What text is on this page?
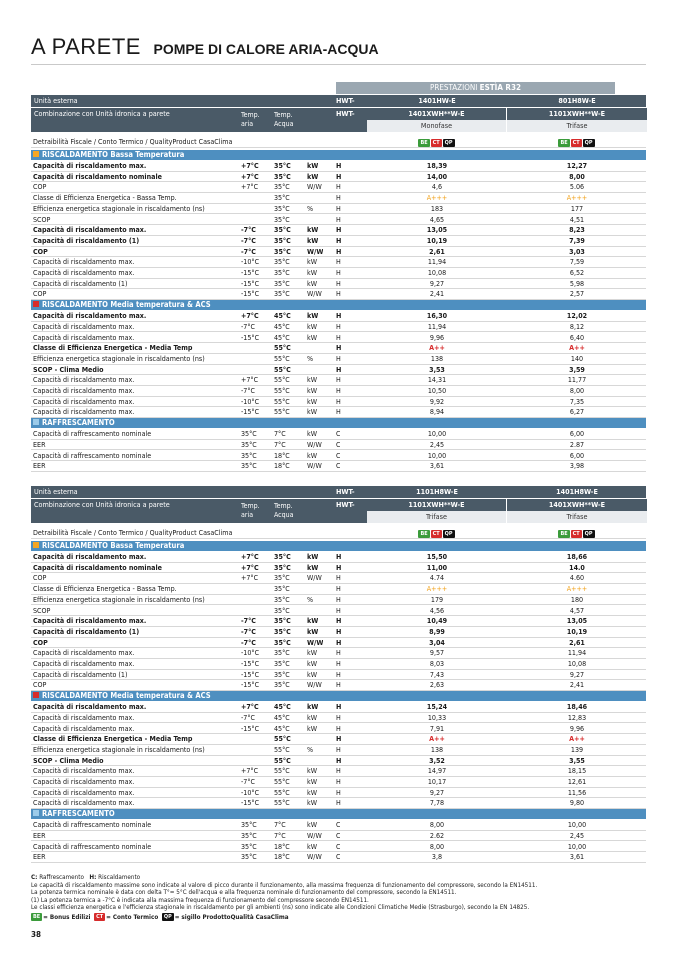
A PARETE POMPE DI CALORE ARIA-ACQUA
PRESTAZIONI ESTÌA R32
Unità esterna	HWT-	1401HW-E	801H8W-E
Combinazione con Unità idronica a parete	Temp. aria
Temp. Acqua
HWT-	1401XWH**W-E	1101XWH**W-E
Monofase	Trifase
Detraibilità Fiscale / Conto Termico / QualityProduct CasaClima	BE CT QP	BE CT QP
RISCALDAMENTO Bassa Temperatura
Capacità di riscaldamento max.	+7°C 35°C kW H	18,39	12,27
Capacità di riscaldamento nominale	+7°C 35°C kW H	14,00	8,00
COP	+7°C 35°C W/W H	4,6	5.06
Classe di Efficienza Energetica - Bassa Temp.	35°C	H	A+++	A+++
Efficienza energetica stagionale in riscaldamento (ns)	35°C %	H	183	177
SCOP	35°C	H	4,65	4,51
Capacità di riscaldamento max.	-7°C	35°C kW H	13,05	8,23
Capacità di riscaldamento (1)	-7°C	35°C kW H	10,19	7,39
COP	-7°C	35°C W/W H	2,61	3,03
Capacità di riscaldamento max.	-10°C 35°C kW	H	11,94	7,59
Capacità di riscaldamento max.	-15°C 35°C kW	H	10,08	6,52
Capacità di riscaldamento (1)	-15°C 35°C kW	H	9,27	5,98
COP	-15°C 35°C W/W H	2,41	2,57
RISCALDAMENTO Media temperatura & ACS
Capacità di riscaldamento max.	+7°C 45°C kW H	16,30	12,02
Capacità di riscaldamento max.	-7°C	45°C kW	H	11,94	8,12
Capacità di riscaldamento max.	-15°C 45°C kW	H	9,96	6,40
Classe di Efficienza Energetica - Media Temp	55°C	H	A++	A++
Efficienza energetica stagionale in riscaldamento (ns)	55°C %	H	138	140
SCOP - Clima Medio	55°C	H	3,53	3,59
Capacità di riscaldamento max.	+7°C 55°C kW	H	14,31	11,77
Capacità di riscaldamento max.	-7°C	55°C kW	H	10,50	8,00
Capacità di riscaldamento max.	-10°C 55°C kW	H	9,92	7,35
Capacità di riscaldamento max.	-15°C 55°C kW	H	8,94	6,27
RAFFRESCAMENTO
Capacità di raffrescamento nominale	35°C 7°C	kW	C	10,00	6,00
EER	35°C 7°C	W/W C	2,45	2.87
Capacità di raffrescamento nominale	35°C 18°C kW	C	10,00	6,00
EER	35°C 18°C W/W C	3,61	3,98
Unità esterna	HWT-	1101H8W-E	1401H8W-E
Combinazione con Unità idronica a parete	Temp. aria
Temp. Acqua
HWT-	1101XWH**W-E	1401XWH**W-E
Trifase	Trifase
Detraibilità Fiscale / Conto Termico / QualityProduct CasaClima	BE CT QP	BE CT QP
RISCALDAMENTO Bassa Temperatura
Capacità di riscaldamento max.	+7°C 35°C kW H	15,50	18,66
Capacità di riscaldamento nominale	+7°C 35°C kW H	11,00	14.0
COP	+7°C 35°C W/W H	4.74	4.60
Classe di Efficienza Energetica - Bassa Temp.	35°C	H	A+++	A+++
Efficienza energetica stagionale in riscaldamento (ns)	35°C %	H	179	180
SCOP	35°C	H	4,56	4,57
Capacità di riscaldamento max.	-7°C	35°C kW H	10,49	13,05
Capacità di riscaldamento (1)	-7°C	35°C kW H	8,99	10,19
COP	-7°C	35°C W/W H	3,04	2,61
Capacità di riscaldamento max.	-10°C 35°C kW	H	9,57	11,94
Capacità di riscaldamento max.	-15°C 35°C kW	H	8,03	10,08
Capacità di riscaldamento (1)	-15°C 35°C kW	H	7,43	9,27
COP	-15°C 35°C W/W H	2,63	2,41
RISCALDAMENTO Media temperatura & ACS
Capacità di riscaldamento max.	+7°C 45°C kW H	15,24	18,46
Capacità di riscaldamento max.	-7°C	45°C kW	H	10,33	12,83
Capacità di riscaldamento max.	-15°C 45°C kW	H	7,91	9,96
Classe di Efficienza Energetica - Media Temp	55°C	H	A++	A++
Efficienza energetica stagionale in riscaldamento (ns)	55°C %	H	138	139
SCOP - Clima Medio	55°C	H	3,52	3,55
Capacità di riscaldamento max.	+7°C 55°C kW	H	14,97	18,15
Capacità di riscaldamento max.	-7°C	55°C kW	H	10,17	12,61
Capacità di riscaldamento max.	-10°C 55°C kW	H	9,27	11,56
Capacità di riscaldamento max.	-15°C 55°C kW	H	7,78	9,80
RAFFRESCAMENTO
Capacità di raffrescamento nominale	35°C 7°C	kW	C	8,00	10,00
EER	35°C 7°C	W/W C	2.62	2,45
Capacità di raffrescamento nominale	35°C 18°C kW	C	8,00	10,00
EER	35°C 18°C W/W C	3,8	3,61
C: Raffrescamento H: Riscaldamento
Le capacità di riscaldamento massime sono indicate al valore di picco durante il funzionamento, alla massima frequenza di funzionamento del compressore, secondo la EN14511.
La potenza termica nominale è data con delta T°= 5°C dell'acqua e alla frequenza nominale di funzionamento del compressore, secondo la EN14511.
(1) La potenza termica a -7°C è indicata alla massima frequenza di funzionamento del compressore secondo EN14511.
Le classi efficienza energetica e l'efficienza stagionale in riscaldamento per gli ambienti (ns) sono indicate alle Condizioni Climatiche Medie (Strasburgo), secondo la EN 14825.
BE = Bonus Edilizi CT = Conto Termico QP = sigillo ProdottoQualità CasaClima
38
